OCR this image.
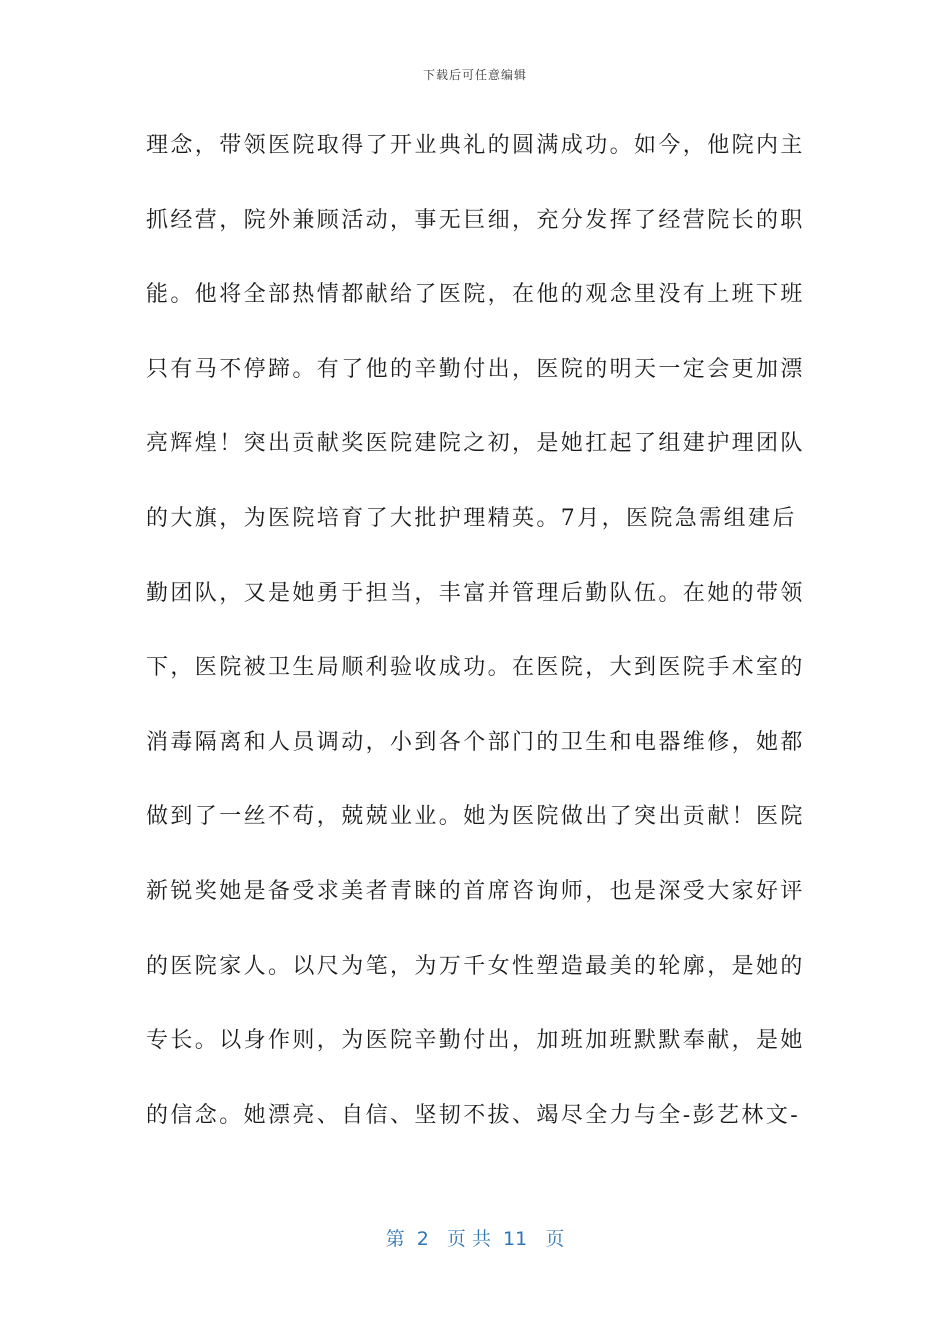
下载后可任意编辑
理念，带领医院取得了开业典礼的圆满成功。如今，他院内主
抓经营，院外兼顾活动，事无巨细，充分发挥了经营院长的职
能。他将全部热情都献给了医院，在他的观念里没有上班下班
只有马不停蹄。有了他的辛勤付出，医院的明天一定会更加漂
亮辉煌！突出贡献奖医院建院之初，是她扛起了组建护理团队
的大旗，为医院培育了大批护理精英。7月，医院急需组建后
勤团队，又是她勇于担当，丰富并管理后勤队伍。在她的带领
下，医院被卫生局顺利验收成功。在医院，大到医院手术室的
消毒隔离和人员调动，小到各个部门的卫生和电器维修，她都
做到了一丝不苟，兢兢业业。她为医院做出了突出贡献！医院
新锐奖她是备受求美者青睐的首席咨询师，也是深受大家好评
的医院家人。以尺为笔，为万千女性塑造最美的轮廓，是她的
专长。以身作则，为医院辛勤付出，加班加班默默奉献，是她
的信念。她漂亮、自信、坚韧不拔、竭尽全力与全-彭艺林文-
第  2   页 共  11   页
